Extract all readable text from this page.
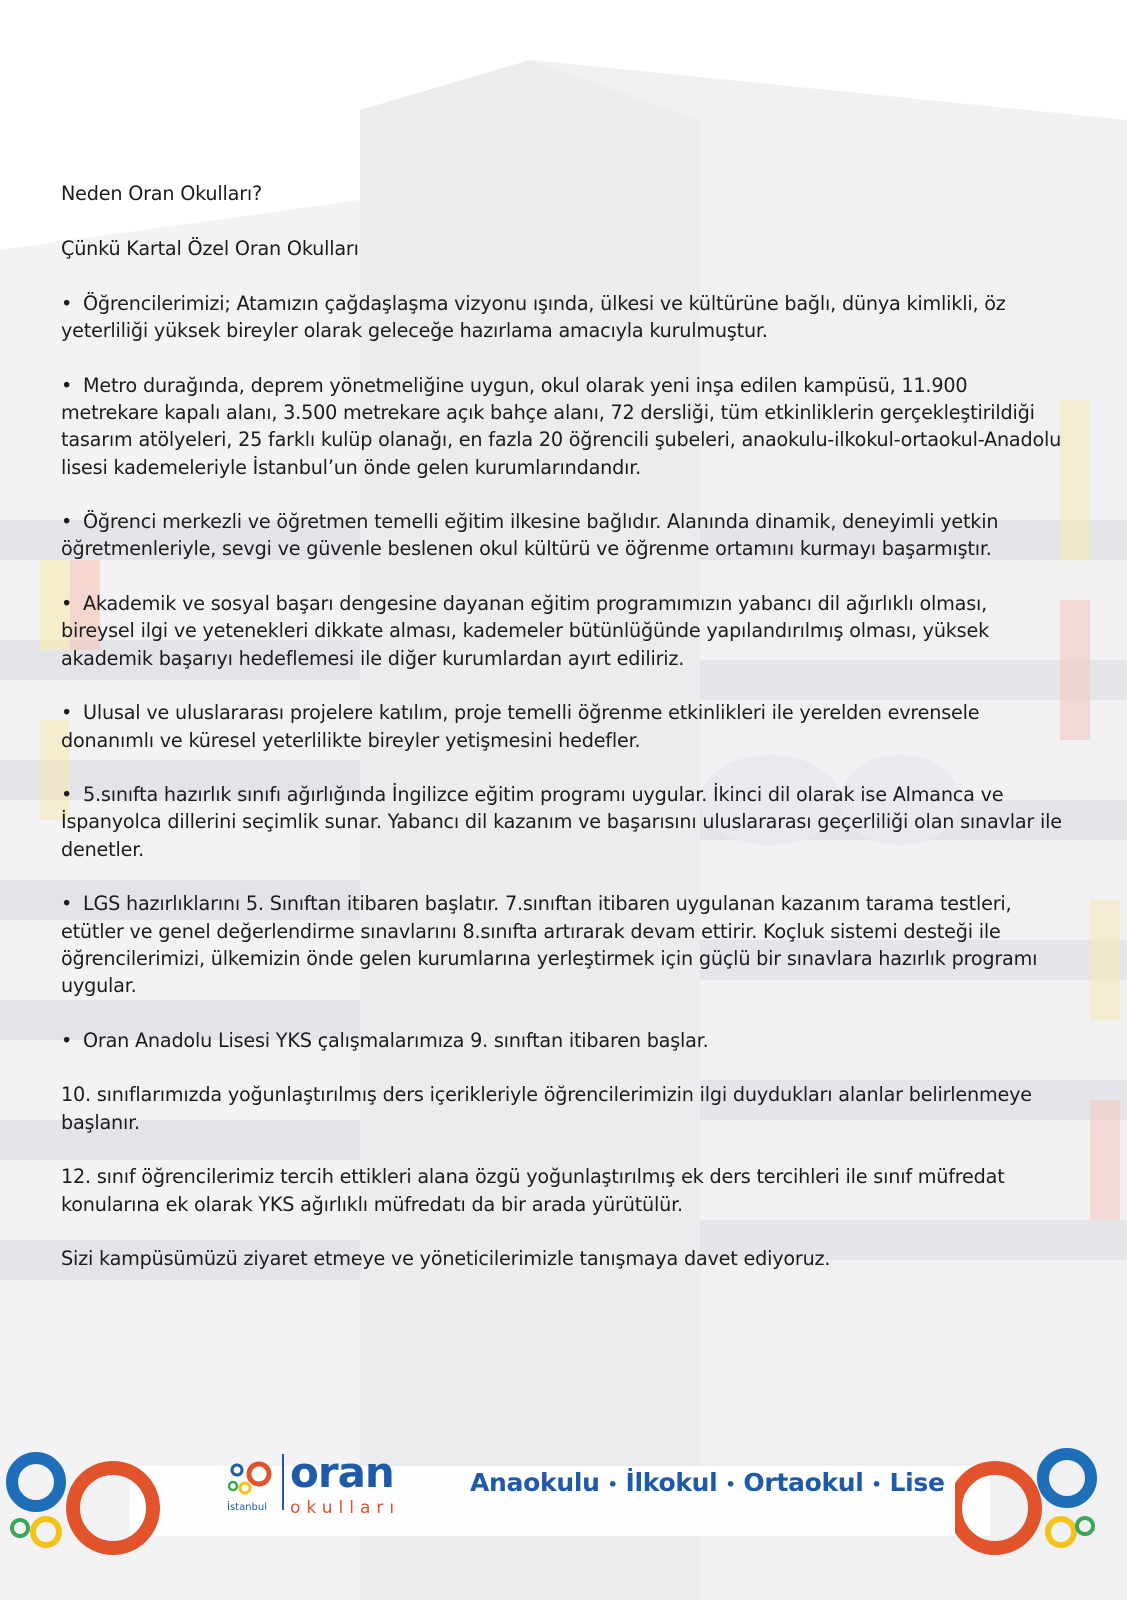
Neden Oran Okulları?

Çünkü Kartal Özel Oran Okulları

• Öğrencilerimizi; Atamızın çağdaşlaşma vizyonu ışında, ülkesi ve kültürüne bağlı, dünya kimlikli, öz yeterliliği yüksek bireyler olarak geleceğe hazırlama amacıyla kurulmuştur.

• Metro durağında, deprem yönetmeliğine uygun, okul olarak yeni inşa edilen kampüsü, 11.900 metrekare kapalı alanı, 3.500 metrekare açık bahçe alanı, 72 dersliği, tüm etkinliklerin gerçekleştirildiği tasarım atölyeleri, 25 farklı kulüp olanağı, en fazla 20 öğrencili şubeleri, anaokulu-ilkokul-ortaokul-Anadolu lisesi kademeleriyle İstanbul’un önde gelen kurumlarındandır.

• Öğrenci merkezli ve öğretmen temelli eğitim ilkesine bağlıdır. Alanında dinamik, deneyimli yetkin öğretmenleriyle, sevgi ve güvenle beslenen okul kültürü ve öğrenme ortamını kurmayı başarmıştır.

• Akademik ve sosyal başarı dengesine dayanan eğitim programımızın yabancı dil ağırlıklı olması, bireysel ilgi ve yetenekleri dikkate alması, kademeler bütünlüğünde yapılandırılmış olması, yüksek akademik başarıyı hedeflemesi ile diğer kurumlardan ayırt ediliriz.

• Ulusal ve uluslararası projelere katılım, proje temelli öğrenme etkinlikleri ile yerelden evrensele donanımlı ve küresel yeterlilikte bireyler yetişmesini hedefler.

• 5.sınıfta hazırlık sınıfı ağırlığında İngilizce eğitim programı uygular. İkinci dil olarak ise Almanca ve İspanyolca dillerini seçimlik sunar. Yabancı dil kazanım ve başarısını uluslararası geçerliliği olan sınavlar ile denetler.

• LGS hazırlıklarını 5. Sınıftan itibaren başlatır. 7.sınıftan itibaren uygulanan kazanım tarama testleri, etütler ve genel değerlendirme sınavlarını 8.sınıfta artırarak devam ettirir. Koçluk sistemi desteği ile öğrencilerimizi, ülkemizin önde gelen kurumlarına yerleştirmek için güçlü bir sınavlara hazırlık programı uygular.

• Oran Anadolu Lisesi YKS çalışmalarımıza 9. sınıftan itibaren başlar.

10. sınıflarımızda yoğunlaştırılmış ders içerikleriyle öğrencilerimizin ilgi duydukları alanlar belirlenmeye başlanır.

12. sınıf öğrencilerimiz tercih ettikleri alana özgü yoğunlaştırılmış ek ders tercihleri ile sınıf müfredat konularına ek olarak YKS ağırlıklı müfredatı da bir arada yürütülür.

Sizi kampüsümüzü ziyaret etmeye ve yöneticilerimizle tanışmaya davet ediyoruz.

oran
okulları
İstanbul
Anaokulu • İlkokul • Ortaokul • Lise
